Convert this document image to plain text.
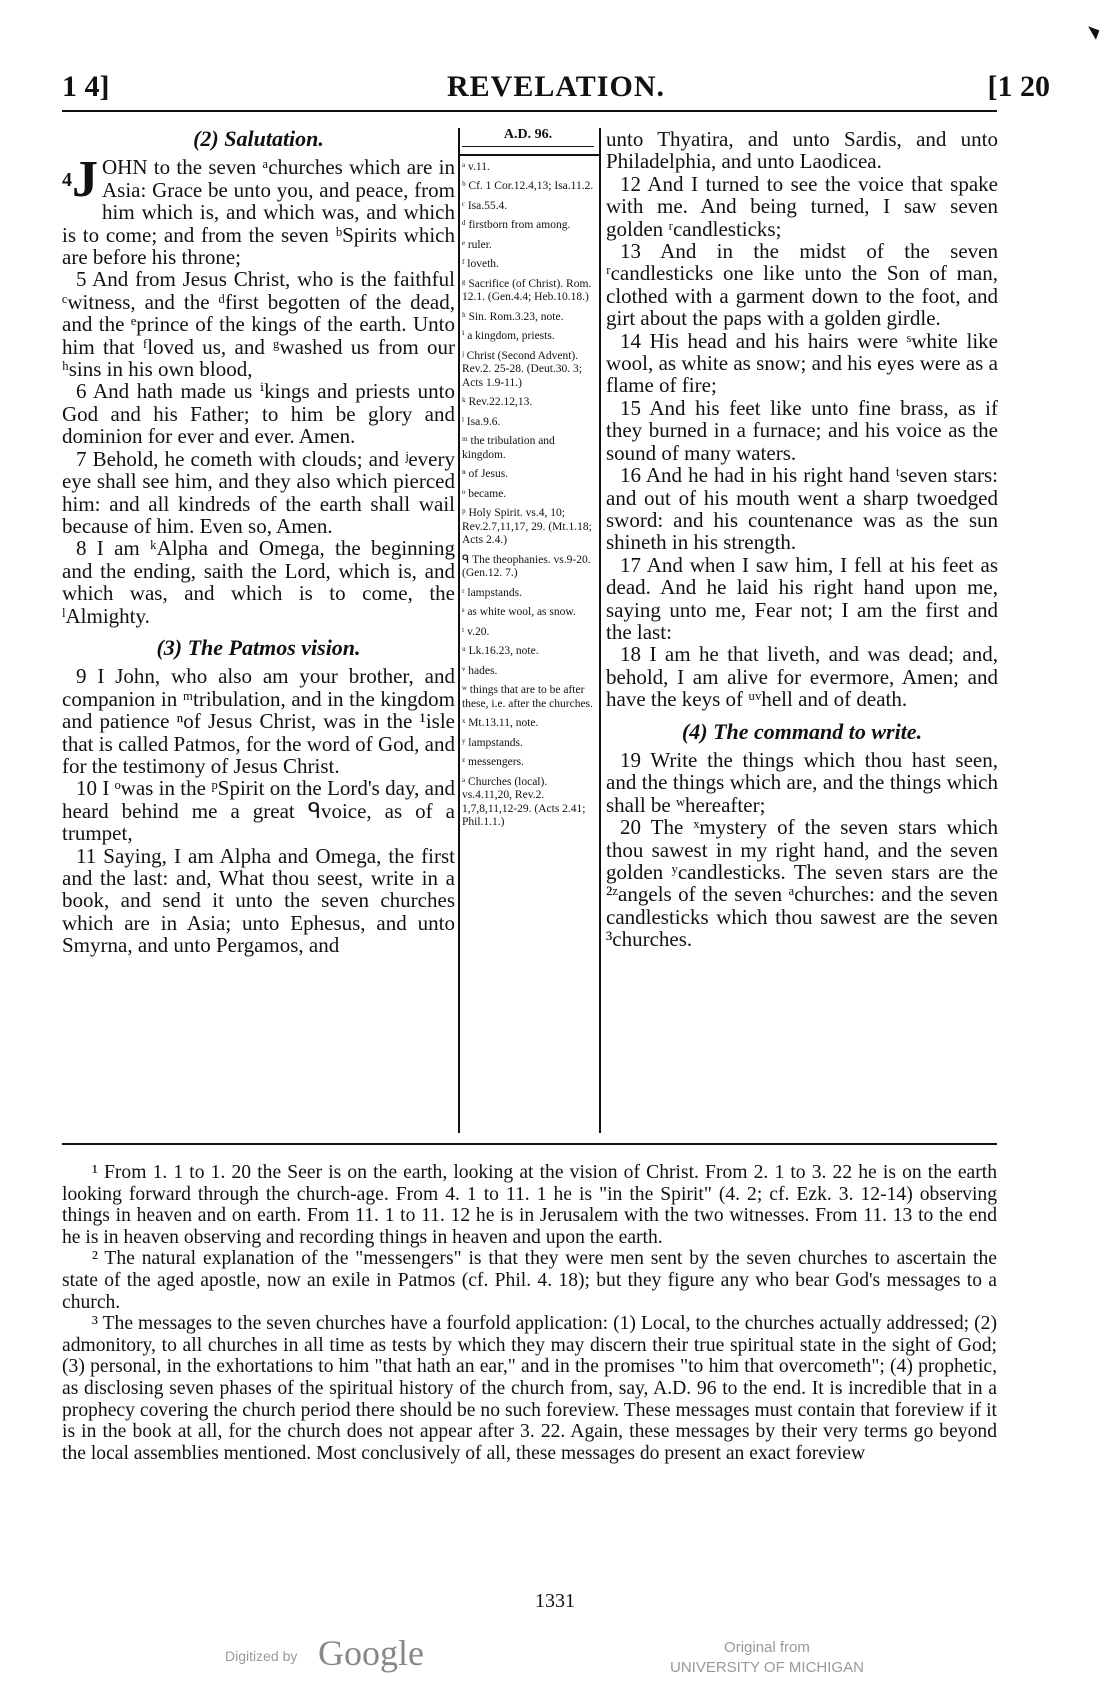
1 4]	REVELATION.	[1 20
(2) Salutation.

$^4$J OHN to the seven ᵃchurches which are in Asia: Grace be unto you, and peace, from him which is, and which was, and which is to come; and from the seven ᵇSpirits which are before his throne;

5 And from Jesus Christ, who is the faithful ᶜwitness, and the ᵈfirst begotten of the dead, and the ᵉprince of the kings of the earth. Unto him that ᶠloved us, and ᵍwashed us from our ʰsins in his own blood,

6 And hath made us ⁱkings and priests unto God and his Father; to him be glory and dominion for ever and ever. Amen.

7 Behold, he cometh with clouds; and ʲevery eye shall see him, and they also which pierced him: and all kindreds of the earth shall wail because of him. Even so, Amen.

8 I am ᵏAlpha and Omega, the beginning and the ending, saith the Lord, which is, and which was, and which is to come, the ˡAlmighty.

(3) The Patmos vision.

9 I John, who also am your brother, and companion in ᵐtribulation, and in the kingdom and patience ⁿof Jesus Christ, was in the ¹isle that is called Patmos, for the word of God, and for the testimony of Jesus Christ.

10 I ᵒwas in the ᵖSpirit on the Lord's day, and heard behind me a great ᑫvoice, as of a trumpet,

11 Saying, I am Alpha and Omega, the first and the last: and, What thou seest, write in a book, and send it unto the seven churches which are in Asia; unto Ephesus, and unto Smyrna, and unto Pergamos, and

A.D. 96.
ᵃ v.11.
ᵇ Cf. 1 Cor.12.4,13; Isa.11.2.
ᶜ Isa.55.4.
ᵈ firstborn from among.
ᵉ ruler.
ᶠ loveth.
ᵍ Sacrifice (of Christ). Rom. 12.1. (Gen.4.4; Heb.10.18.)
ʰ Sin. Rom.3.23, note.
ⁱ a kingdom, priests.
ʲ Christ (Second Advent). Rev.2. 25-28. (Deut.30. 3; Acts 1.9-11.)
ᵏ Rev.22.12,13.
ˡ Isa.9.6.
ᵐ the tribulation and kingdom.
ⁿ of Jesus.
ᵒ became.
ᵖ Holy Spirit. vs.4, 10; Rev.2.7,11,17, 29. (Mt.1.18; Acts 2.4.)
ᑫ The theophanies. vs.9-20. (Gen.12. 7.)
ʳ lampstands.
ˢ as white wool, as snow.
ᵗ v.20.
ᵘ Lk.16.23, note.
ᵛ hades.
ʷ things that are to be after these, i.e. after the churches.
ˣ Mt.13.11, note.
ʸ lampstands.
ᶻ messengers.
ᵃ Churches (local). vs.4.11,20, Rev.2. 1,7,8,11,12-29. (Acts 2.41; Phil.1.1.)

unto Thyatira, and unto Sardis, and unto Philadelphia, and unto Laodicea.

12 And I turned to see the voice that spake with me. And being turned, I saw seven golden ʳcandlesticks;

13 And in the midst of the seven ʳcandlesticks one like unto the Son of man, clothed with a garment down to the foot, and girt about the paps with a golden girdle.

14 His head and his hairs were ˢwhite like wool, as white as snow; and his eyes were as a flame of fire;

15 And his feet like unto fine brass, as if they burned in a furnace; and his voice as the sound of many waters.

16 And he had in his right hand ᵗseven stars: and out of his mouth went a sharp twoedged sword: and his countenance was as the sun shineth in his strength.

17 And when I saw him, I fell at his feet as dead. And he laid his right hand upon me, saying unto me, Fear not; I am the first and the last:

18 I am he that liveth, and was dead; and, behold, I am alive for evermore, Amen; and have the keys of ᵘᵛhell and of death.

(4) The command to write.

19 Write the things which thou hast seen, and the things which are, and the things which shall be ʷhereafter;

20 The ˣmystery of the seven stars which thou sawest in my right hand, and the seven golden ʸcandlesticks. The seven stars are the ²ᶻangels of the seven ᵃchurches: and the seven candlesticks which thou sawest are the seven ³churches.

¹ From 1. 1 to 1. 20 the Seer is on the earth, looking at the vision of Christ. From 2. 1 to 3. 22 he is on the earth looking forward through the church-age. From 4. 1 to 11. 1 he is "in the Spirit" (4. 2; cf. Ezk. 3. 12-14) observing things in heaven and on earth. From 11. 1 to 11. 12 he is in Jerusalem with the two witnesses. From 11. 13 to the end he is in heaven observing and recording things in heaven and upon the earth.

² The natural explanation of the "messengers" is that they were men sent by the seven churches to ascertain the state of the aged apostle, now an exile in Patmos (cf. Phil. 4. 18); but they figure any who bear God's messages to a church.

³ The messages to the seven churches have a fourfold application: (1) Local, to the churches actually addressed; (2) admonitory, to all churches in all time as tests by which they may discern their true spiritual state in the sight of God; (3) personal, in the exhortations to him "that hath an ear," and in the promises "to him that overcometh"; (4) prophetic, as disclosing seven phases of the spiritual history of the church from, say, A.D. 96 to the end. It is incredible that in a prophecy covering the church period there should be no such foreview. These messages must contain that foreview if it is in the book at all, for the church does not appear after 3. 22. Again, these messages by their very terms go beyond the local assemblies mentioned. Most conclusively of all, these messages do present an exact foreview

1331
Digitized by Google	Original from
UNIVERSITY OF MICHIGAN
